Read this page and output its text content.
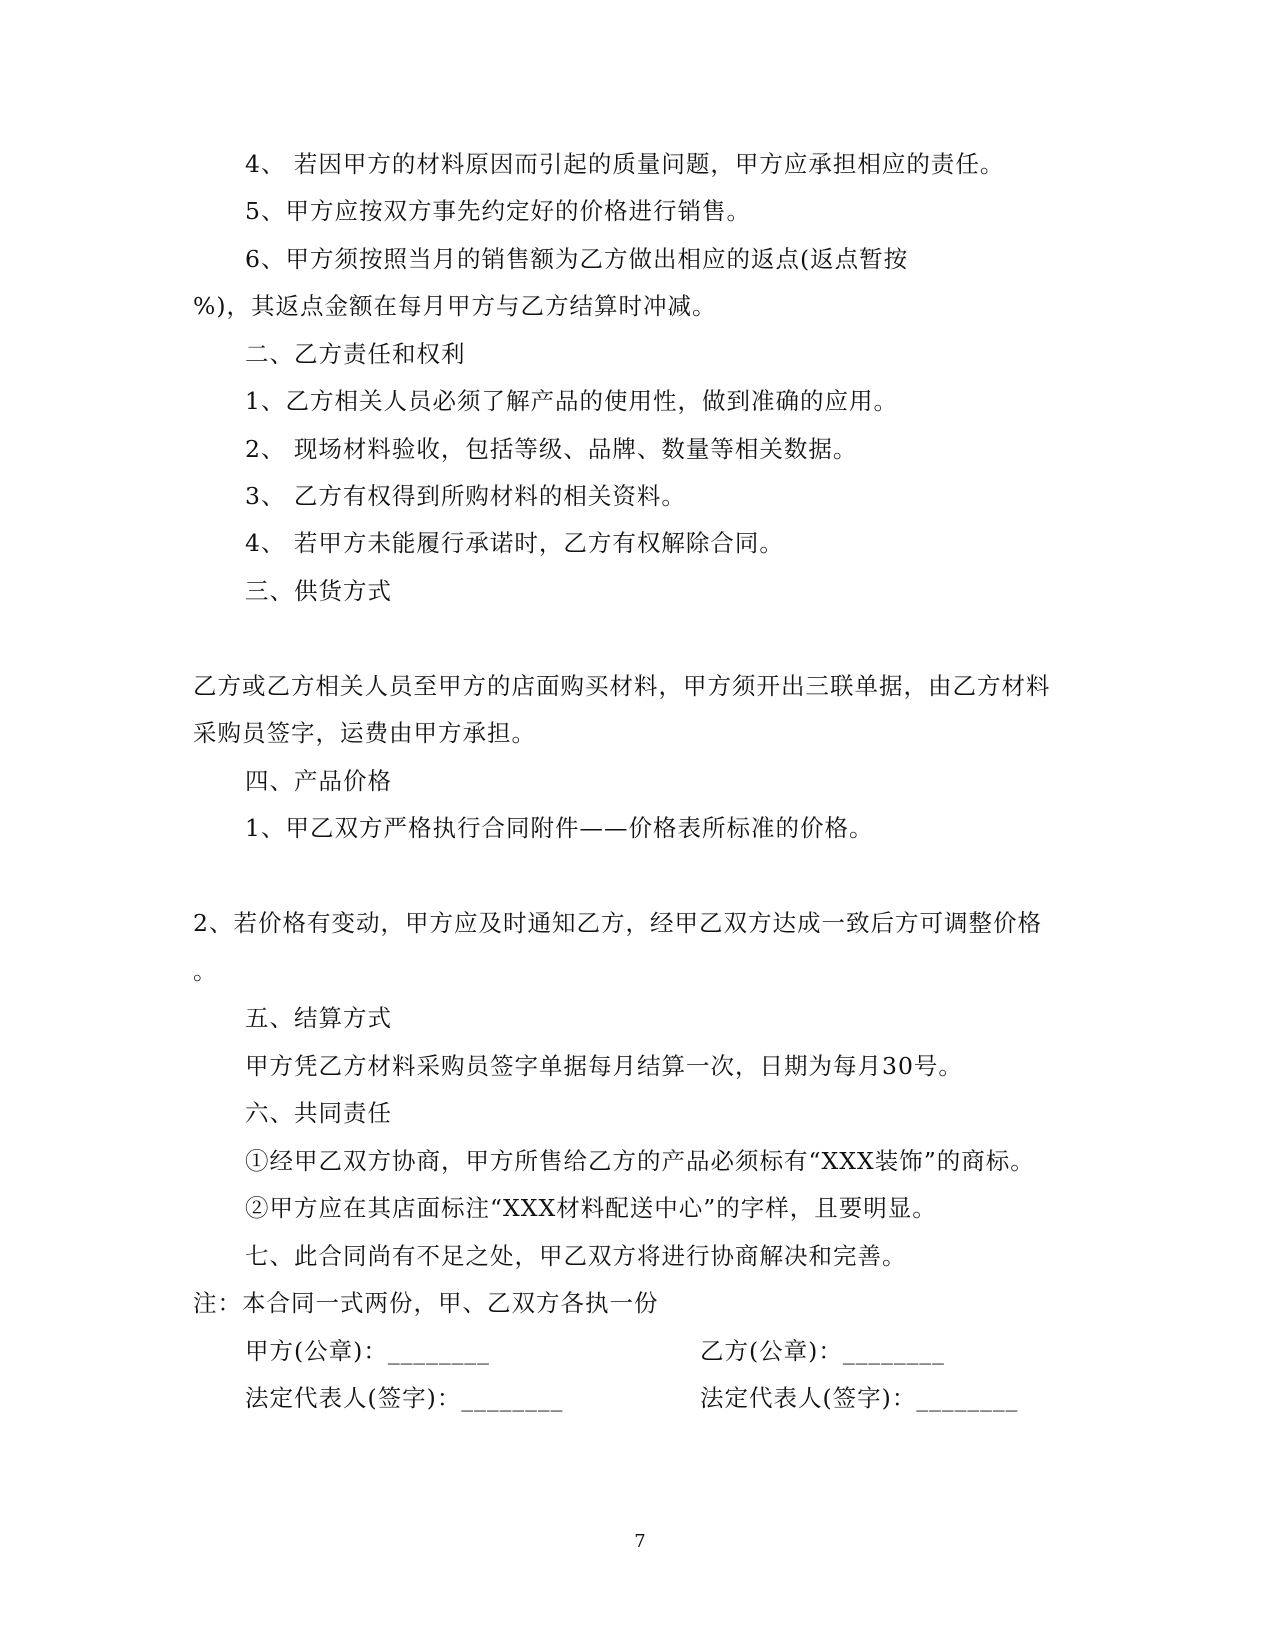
4、 若因甲方的材料原因而引起的质量问题，甲方应承担相应的责任。
5、甲方应按双方事先约定好的价格进行销售。
6、甲方须按照当月的销售额为乙方做出相应的返点(返点暂按
%)，其返点金额在每月甲方与乙方结算时冲减。
二、乙方责任和权利
1、乙方相关人员必须了解产品的使用性，做到准确的应用。
2、 现场材料验收，包括等级、品牌、数量等相关数据。
3、 乙方有权得到所购材料的相关资料。
4、 若甲方未能履行承诺时，乙方有权解除合同。
三、供货方式
乙方或乙方相关人员至甲方的店面购买材料，甲方须开出三联单据，由乙方材料
采购员签字，运费由甲方承担。
四、产品价格
1、甲乙双方严格执行合同附件——价格表所标准的价格。
2、若价格有变动，甲方应及时通知乙方，经甲乙双方达成一致后方可调整价格
。
五、结算方式
甲方凭乙方材料采购员签字单据每月结算一次，日期为每月30号。
六、共同责任
①经甲乙双方协商，甲方所售给乙方的产品必须标有“XXX装饰”的商标。
②甲方应在其店面标注“XXX材料配送中心”的字样，且要明显。
七、此合同尚有不足之处，甲乙双方将进行协商解决和完善。
注：本合同一式两份，甲、乙双方各执一份
甲方(公章)：________	乙方(公章)：________
法定代表人(签字)：________	法定代表人(签字)：________
7
